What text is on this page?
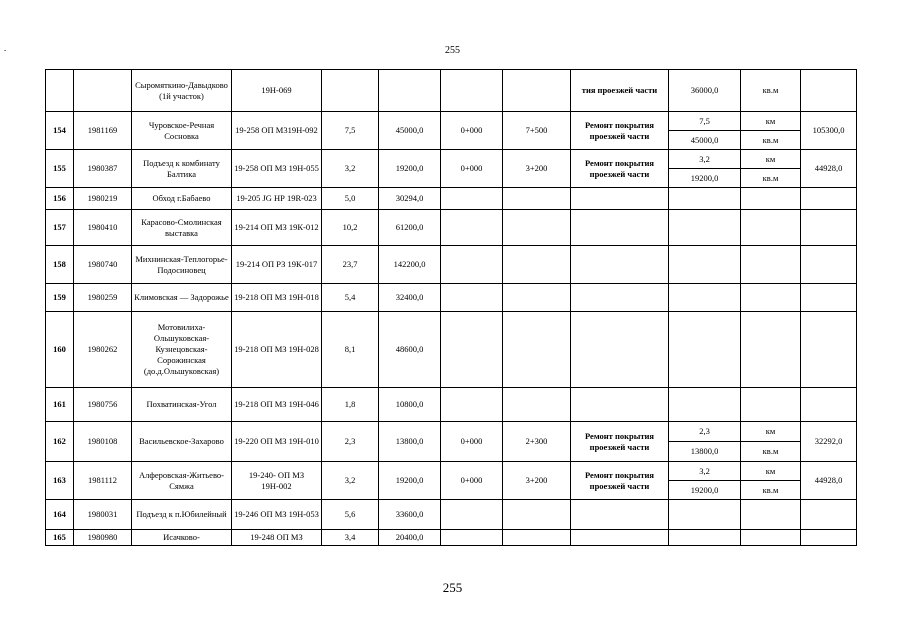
255
-
		Сыромяткино-Давыдково (1й участок)	19Н-069					тия проезжей части	36000,0	кв.м	
154	1981169	Чуровское-Речная Сосновка	19-258 ОП М319Н-092	7,5	45000,0	0+000	7+500	Ремонт покрытия проезжей части	7,5	км	105300,0
									45000,0	кв.м	
155	1980387	Подъезд к комбинату Балтика	19-258 ОП МЗ 19Н-055	3,2	19200,0	0+000	3+200	Ремонт покрытия проезжей части	3,2	км	44928,0
									19200,0	кв.м	
156	1980219	Обход г.Бабаево	19-205 JG НР 19R-023	5,0	30294,0						
157	1980410	Карасово-Смолинская выставка	19-214 ОП МЗ 19К-012	10,2	61200,0						
158	1980740	Михнинская-Теплогорье-Подосиновец	19-214 ОП РЗ 19К-017	23,7	142200,0						
159	1980259	Климовская — Задорожье	19-218 ОП МЗ 19Н-018	5,4	32400,0						
160	1980262	Мотовилиха-Ольшуковская-Кузнецовская-Сорожинская (до.д.Ольшуковская)	19-218 ОП МЗ 19Н-028	8,1	48600,0						
161	1980756	Похватинская-Угол	19-218 ОП МЗ 19Н-046	1,8	10800,0						
162	1980108	Васильевское-Захарово	19-220 ОП МЗ 19Н-010	2,3	13800,0	0+000	2+300	Ремонт покрытия проезжей части	2,3	км	32292,0
									13800,0	кв.м	
163	1981112	Алферовская-Житьево-Сямжа	19-240- ОП МЗ 19Н-002	3,2	19200,0	0+000	3+200	Ремонт покрытия проезжей части	3,2	км	44928,0
									19200,0	кв.м	
164	1980031	Подъезд к п.Юбилейный	19-246 ОП МЗ 19Н-053	5,6	33600,0						
165	1980980	Исачково-	19-248 ОП МЗ	3,4	20400,0						
255
